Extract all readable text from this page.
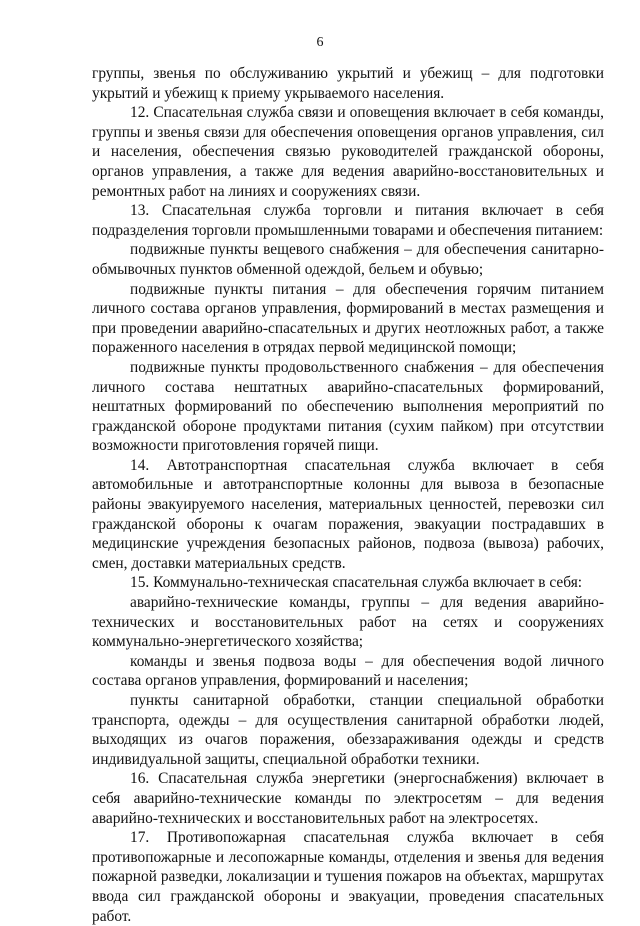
6

группы, звенья по обслуживанию укрытий и убежищ – для подготовки укрытий и убежищ к приему укрываемого населения.

12. Спасательная служба связи и оповещения включает в себя команды, группы и звенья связи для обеспечения оповещения органов управления, сил и населения, обеспечения связью руководителей гражданской обороны, органов управления, а также для ведения аварийно-восстановительных и ремонтных работ на линиях и сооружениях связи.

13. Спасательная служба торговли и питания включает в себя подразделения торговли промышленными товарами и обеспечения питанием:

подвижные пункты вещевого снабжения – для обеспечения санитарно-обмывочных пунктов обменной одеждой, бельем и обувью;

подвижные пункты питания – для обеспечения горячим питанием личного состава органов управления, формирований в местах размещения и при проведении аварийно-спасательных и других неотложных работ, а также пораженного населения в отрядах первой медицинской помощи;

подвижные пункты продовольственного снабжения – для обеспечения личного состава нештатных аварийно-спасательных формирований, нештатных формирований по обеспечению выполнения мероприятий по гражданской обороне продуктами питания (сухим пайком) при отсутствии возможности приготовления горячей пищи.

14. Автотранспортная спасательная служба включает в себя автомобильные и автотранспортные колонны для вывоза в безопасные районы эвакуируемого населения, материальных ценностей, перевозки сил гражданской обороны к очагам поражения, эвакуации пострадавших в медицинские учреждения безопасных районов, подвоза (вывоза) рабочих, смен, доставки материальных средств.

15. Коммунально-техническая спасательная служба включает в себя:

аварийно-технические команды, группы – для ведения аварийно-технических и восстановительных работ на сетях и сооружениях коммунально-энергетического хозяйства;

команды и звенья подвоза воды – для обеспечения водой личного состава органов управления, формирований и населения;

пункты санитарной обработки, станции специальной обработки транспорта, одежды – для осуществления санитарной обработки людей, выходящих из очагов поражения, обеззараживания одежды и средств индивидуальной защиты, специальной обработки техники.

16. Спасательная служба энергетики (энергоснабжения) включает в себя аварийно-технические команды по электросетям – для ведения аварийно-технических и восстановительных работ на электросетях.

17. Противопожарная спасательная служба включает в себя противопожарные и лесопожарные команды, отделения и звенья для ведения пожарной разведки, локализации и тушения пожаров на объектах, маршрутах ввода сил гражданской обороны и эвакуации, проведения спасательных работ.
